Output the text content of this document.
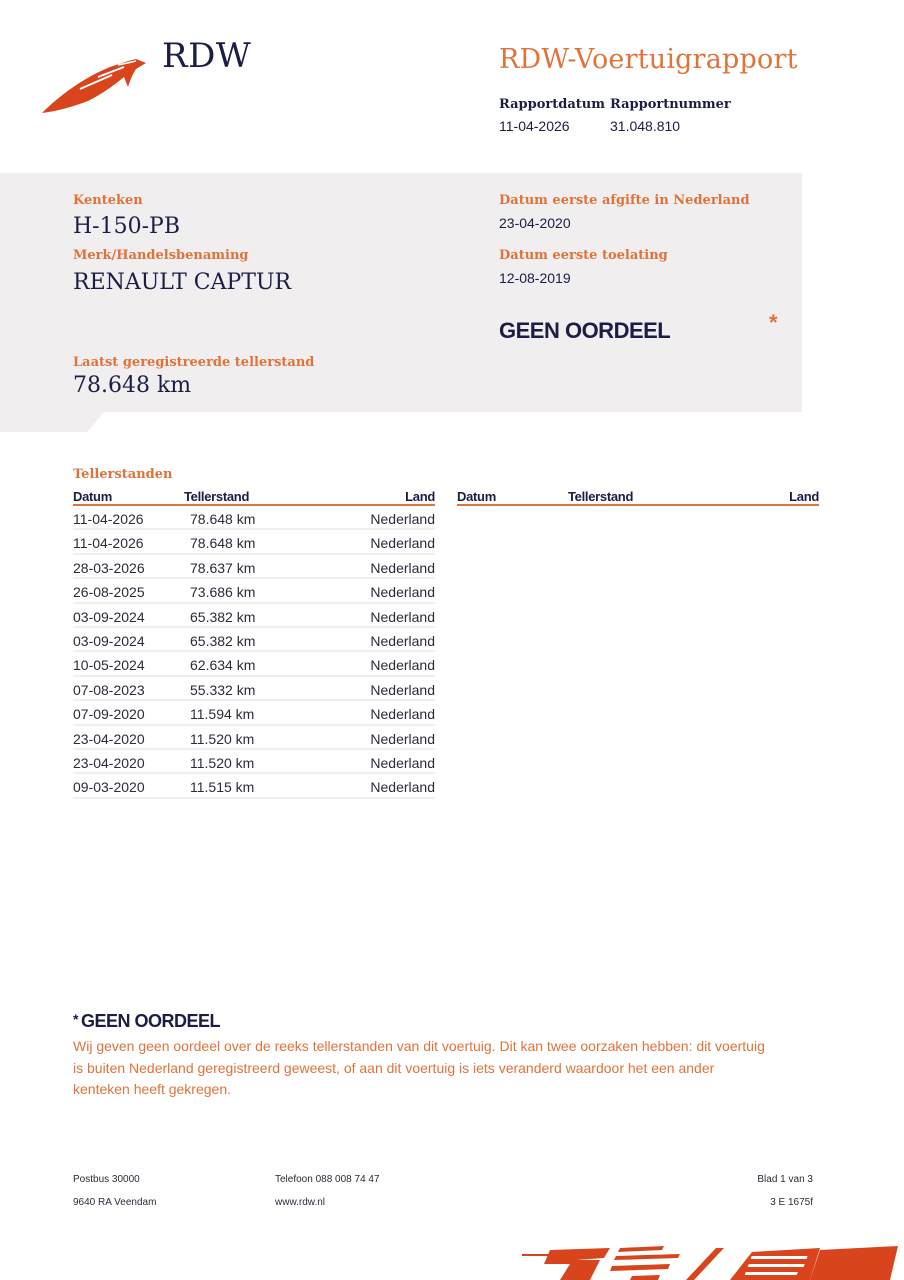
RDW	RDW-Voertuigrapport
Rapportdatum
11-04-2026
Rapportnummer
31.048.810
Kenteken
H-150-PB
Merk/Handelsbenaming
RENAULT CAPTUR
Laatst geregistreerde tellerstand
78.648 km
Datum eerste afgifte in Nederland
23-04-2020
Datum eerste toelating
12-08-2019
GEEN OORDEEL	*
Tellerstanden
Datum	Tellerstand	Land
11-04-2026	78.648 km	Nederland
11-04-2026	78.648 km	Nederland
28-03-2026	78.637 km	Nederland
26-08-2025	73.686 km	Nederland
03-09-2024	65.382 km	Nederland
03-09-2024	65.382 km	Nederland
10-05-2024	62.634 km	Nederland
07-08-2023	55.332 km	Nederland
07-09-2020	11.594 km	Nederland
23-04-2020	11.520 km	Nederland
23-04-2020	11.520 km	Nederland
09-03-2020	11.515 km	Nederland
Datum	Tellerstand	Land
* GEEN OORDEEL
Wij geven geen oordeel over de reeks tellerstanden van dit voertuig. Dit kan twee oorzaken hebben: dit voertuig is buiten Nederland geregistreerd geweest, of aan dit voertuig is iets veranderd waardoor het een ander kenteken heeft gekregen.
Postbus 30000
9640 RA Veendam
Telefoon 088 008 74 47
www.rdw.nl
Blad 1 van 3
3 E 1675f
